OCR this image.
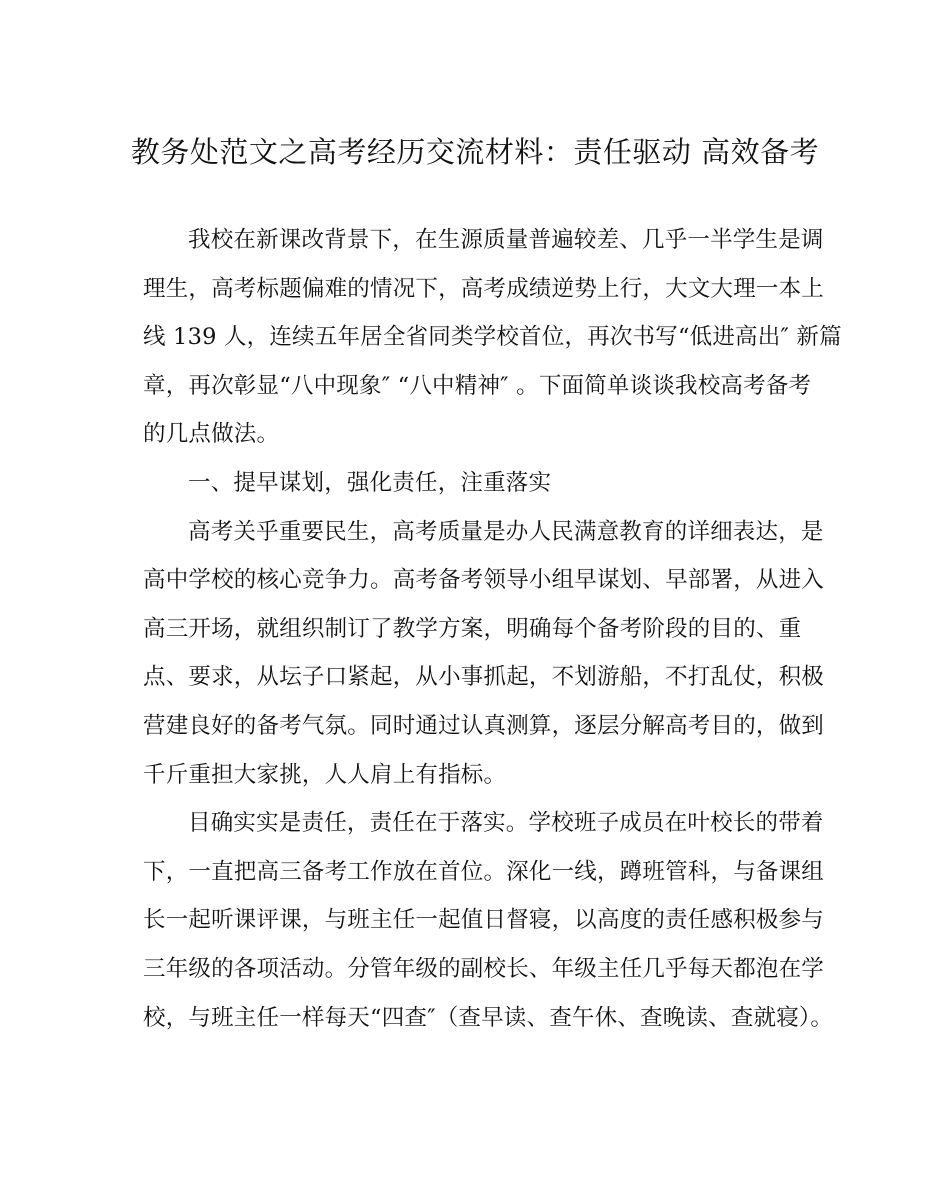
教务处范文之高考经历交流材料：责任驱动 高效备考
我校在新课改背景下，在生源质量普遍较差、几乎一半学生是调
理生，高考标题偏难的情况下，高考成绩逆势上行，大文大理一本上
线 139 人，连续五年居全省同类学校首位，再次书写“低进高出″ 新篇
章，再次彰显“八中现象″ “八中精神″ 。下面简单谈谈我校高考备考
的几点做法。
一、提早谋划，强化责任，注重落实
高考关乎重要民生，高考质量是办人民满意教育的详细表达，是
高中学校的核心竞争力。高考备考领导小组早谋划、早部署，从进入
高三开场，就组织制订了教学方案，明确每个备考阶段的目的、重
点、要求，从坛子口紧起，从小事抓起，不划游船，不打乱仗，积极
营建良好的备考气氛。同时通过认真测算，逐层分解高考目的，做到
千斤重担大家挑，人人肩上有指标。
目确实实是责任，责任在于落实。学校班子成员在叶校长的带着
下，一直把高三备考工作放在首位。深化一线，蹲班管科，与备课组
长一起听课评课，与班主任一起值日督寝，以高度的责任感积极参与
三年级的各项活动。分管年级的副校长、年级主任几乎每天都泡在学
校，与班主任一样每天“四查″（查早读、查午休、查晚读、查就寝）。
